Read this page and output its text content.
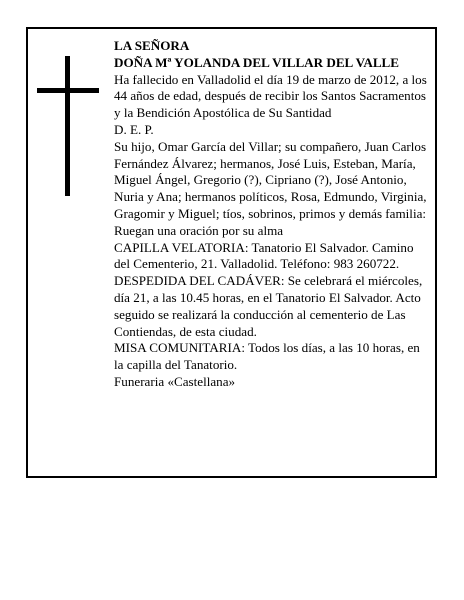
LA SEÑORA

DOÑA Mª YOLANDA DEL VILLAR DEL VALLE

Ha fallecido en Valladolid el día 19 de marzo de 2012, a los 44 años de edad, después de recibir los Santos Sacramentos y la Bendición Apostólica de Su Santidad

D. E. P.

Su hijo, Omar García del Villar; su compañero, Juan Carlos Fernández Álvarez; hermanos, José Luis, Esteban, María, Miguel Ángel, Gregorio (?), Cipriano (?), José Antonio, Nuria y Ana; hermanos políticos, Rosa, Edmundo, Virginia, Gragomir y Miguel; tíos, sobrinos, primos y demás familia:

Ruegan una oración por su alma

CAPILLA VELATORIA: Tanatorio El Salvador. Camino del Cementerio, 21. Valladolid. Teléfono: 983 260722.

DESPEDIDA DEL CADÁVER: Se celebrará el miércoles, día 21, a las 10.45 horas, en el Tanatorio El Salvador. Acto seguido se realizará la conducción al cementerio de Las Contiendas, de esta ciudad.

MISA COMUNITARIA: Todos los días, a las 10 horas, en la capilla del Tanatorio.

Funeraria «Castellana»
